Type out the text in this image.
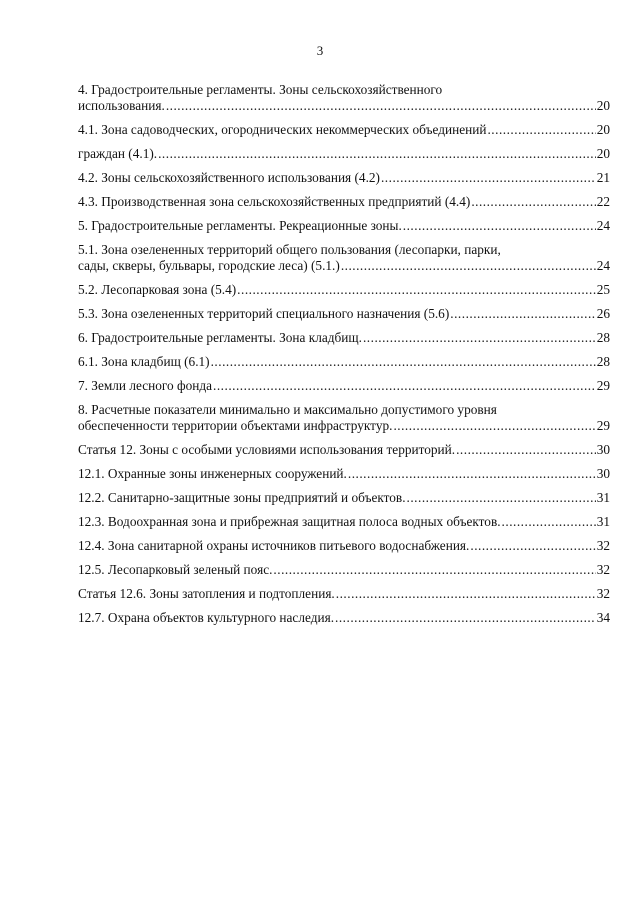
3
4. Градостроительные регламенты. Зоны сельскохозяйственного
использования. .....	20
4.1. Зона садоводческих, огороднических некоммерческих объединений .....	20
граждан (4.1). .....	20
4.2. Зоны сельскохозяйственного использования (4.2) .....	21
4.3. Производственная зона сельскохозяйственных предприятий (4.4) .....	22
5. Градостроительные регламенты. Рекреационные зоны. .....	24
5.1. Зона озелененных территорий общего пользования (лесопарки, парки,
сады, скверы, бульвары, городские леса) (5.1.) .....	24
5.2. Лесопарковая зона (5.4) .....	25
5.3. Зона озелененных территорий специального назначения (5.6) .....	26
6. Градостроительные регламенты. Зона кладбищ. .....	28
6.1. Зона кладбищ (6.1) .....	28
7. Земли лесного фонда .....	29
8. Расчетные показатели минимально и максимально допустимого уровня
обеспеченности территории объектами инфраструктур. .....	29
Статья 12. Зоны с особыми условиями использования территорий. .....	30
12.1. Охранные зоны инженерных сооружений. .....	30
12.2. Санитарно-защитные зоны предприятий и объектов. .....	31
12.3. Водоохранная зона и прибрежная защитная полоса водных объектов. .....	31
12.4. Зона санитарной охраны источников питьевого водоснабжения. .....	32
12.5. Лесопарковый зеленый пояс. .....	32
Статья 12.6. Зоны затопления и подтопления. .....	32
12.7. Охрана объектов культурного наследия. .....	34
